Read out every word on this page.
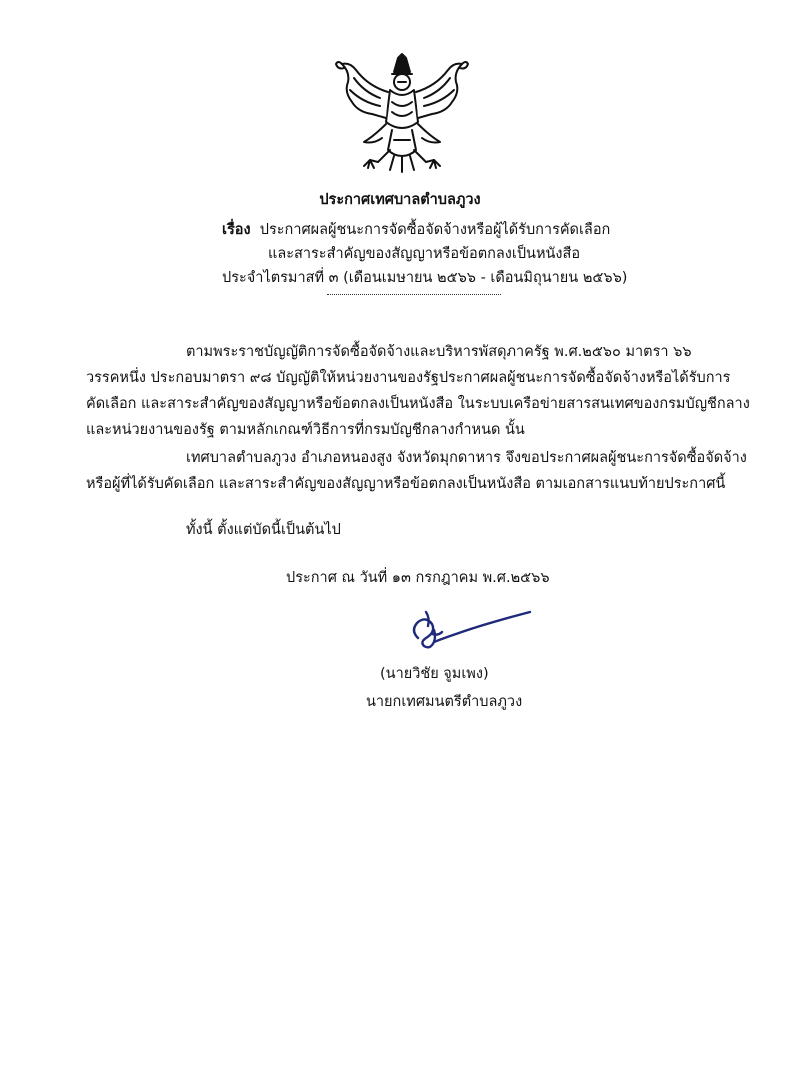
ประกาศเทศบาลตำบลภูวง
เรื่อง ประกาศผลผู้ชนะการจัดซื้อจัดจ้างหรือผู้ได้รับการคัดเลือก
และสาระสำคัญของสัญญาหรือข้อตกลงเป็นหนังสือ
ประจำไตรมาสที่ ๓ (เดือนเมษายน ๒๕๖๖ - เดือนมิถุนายน ๒๕๖๖)
ตามพระราชบัญญัติการจัดซื้อจัดจ้างและบริหารพัสดุภาครัฐ พ.ศ.๒๕๖๐ มาตรา ๖๖
วรรคหนึ่ง ประกอบมาตรา ๙๘ บัญญัติให้หน่วยงานของรัฐประกาศผลผู้ชนะการจัดซื้อจัดจ้างหรือได้รับการ
คัดเลือก และสาระสำคัญของสัญญาหรือข้อตกลงเป็นหนังสือ ในระบบเครือข่ายสารสนเทศของกรมบัญชีกลาง
และหน่วยงานของรัฐ ตามหลักเกณฑ์วิธีการที่กรมบัญชีกลางกำหนด นั้น
เทศบาลตำบลภูวง อำเภอหนองสูง จังหวัดมุกดาหาร จึงขอประกาศผลผู้ชนะการจัดซื้อจัดจ้าง
หรือผู้ที่ได้รับคัดเลือก และสาระสำคัญของสัญญาหรือข้อตกลงเป็นหนังสือ ตามเอกสารแนบท้ายประกาศนี้
ทั้งนี้ ตั้งแต่บัดนี้เป็นต้นไป
ประกาศ ณ วันที่ ๑๓ กรกฎาคม พ.ศ.๒๕๖๖
(นายวิชัย จูมเพง)
นายกเทศมนตรีตำบลภูวง
